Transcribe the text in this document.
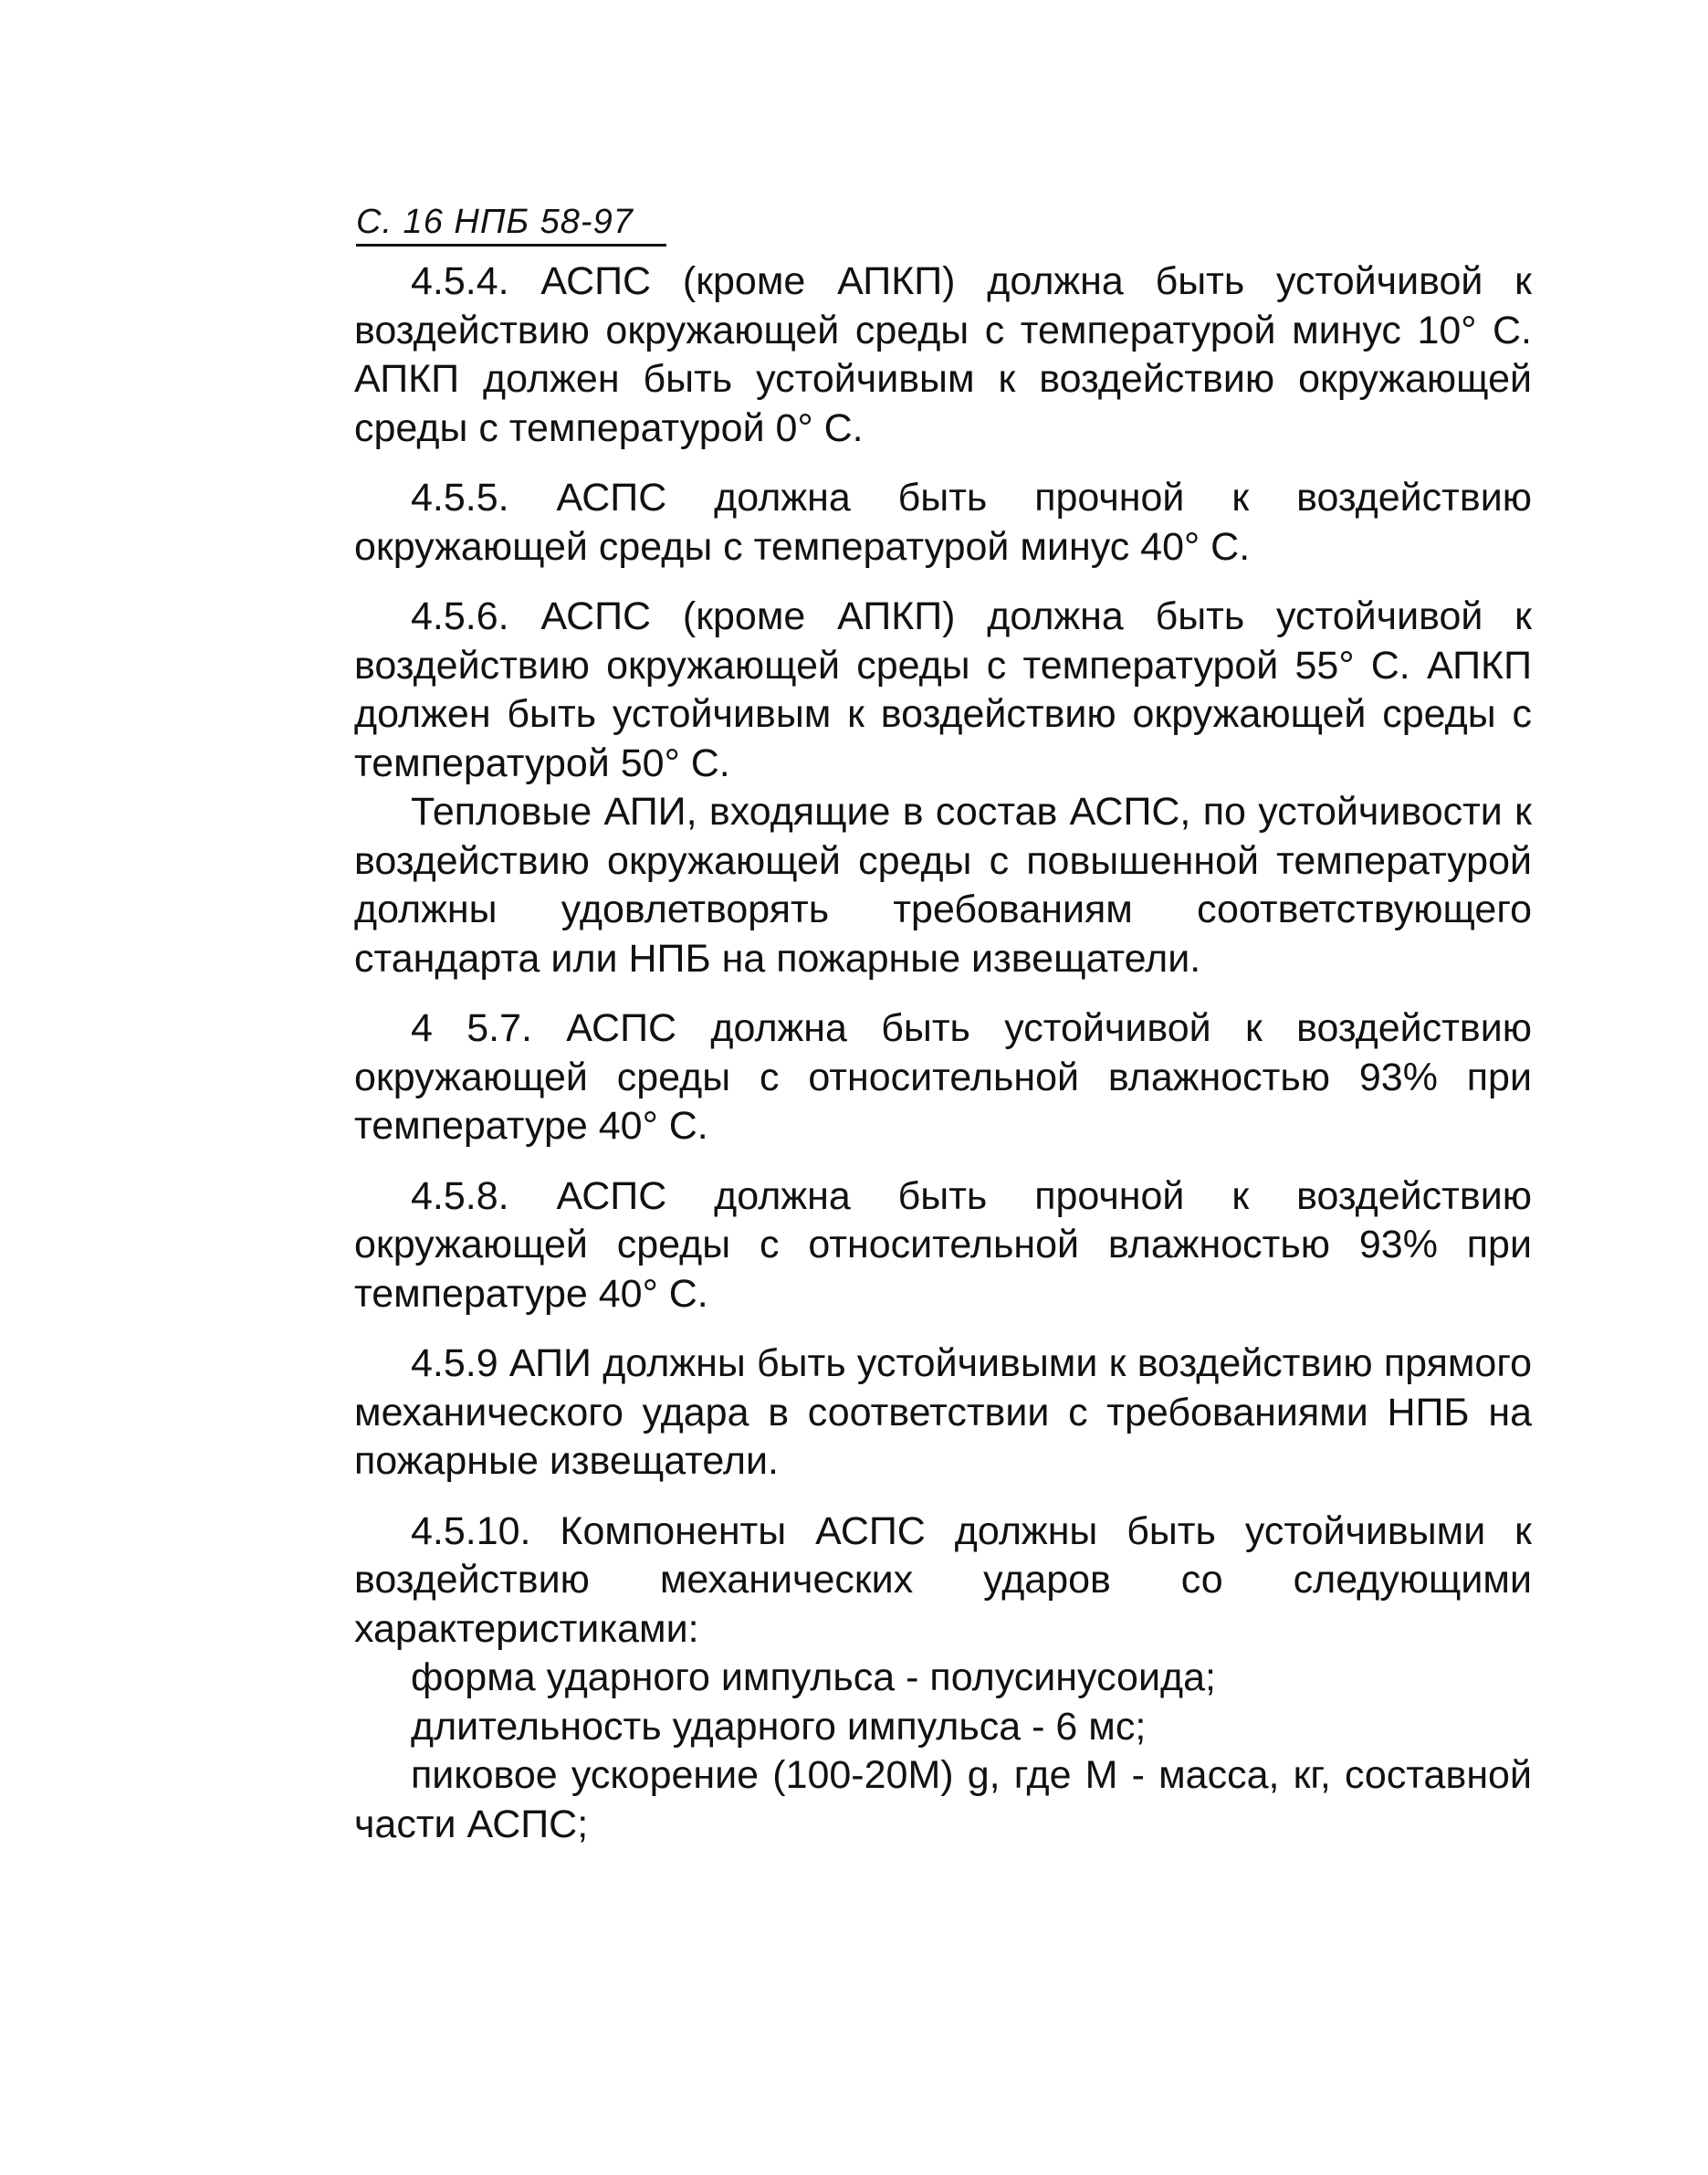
С. 16 НПБ 58-97

4.5.4. АСПС (кроме АПКП) должна быть устойчивой к воздействию окружающей среды с температурой минус 10° С. АПКП должен быть устойчивым к воздействию окружающей среды с температурой 0° С.

4.5.5. АСПС должна быть прочной к воздействию окружающей среды с температурой минус 40° С.

4.5.6. АСПС (кроме АПКП) должна быть устойчивой к воздействию окружающей среды с температурой 55° С. АПКП должен быть устойчивым к воздействию окружающей среды с температурой 50° С.

Тепловые АПИ, входящие в состав АСПС, по устойчивости к воздействию окружающей среды с повышенной температурой должны удовлетворять требованиям соответствующего стандарта или НПБ на пожарные извещатели.

4 5.7. АСПС должна быть устойчивой к воздействию окружающей среды с относительной влажностью 93% при температуре 40° С.

4.5.8. АСПС должна быть прочной к воздействию окружающей среды с относительной влажностью 93% при температуре 40° С.

4.5.9 АПИ должны быть устойчивыми к воздействию прямого механического удара в соответствии с требованиями НПБ на пожарные извещатели.

4.5.10. Компоненты АСПС должны быть устойчивыми к воздействию механических ударов со следующими характеристиками:

форма ударного импульса - полусинусоида;

длительность ударного импульса - 6 мс;

пиковое ускорение (100-20М) g, где М - масса, кг, составной части АСПС;
